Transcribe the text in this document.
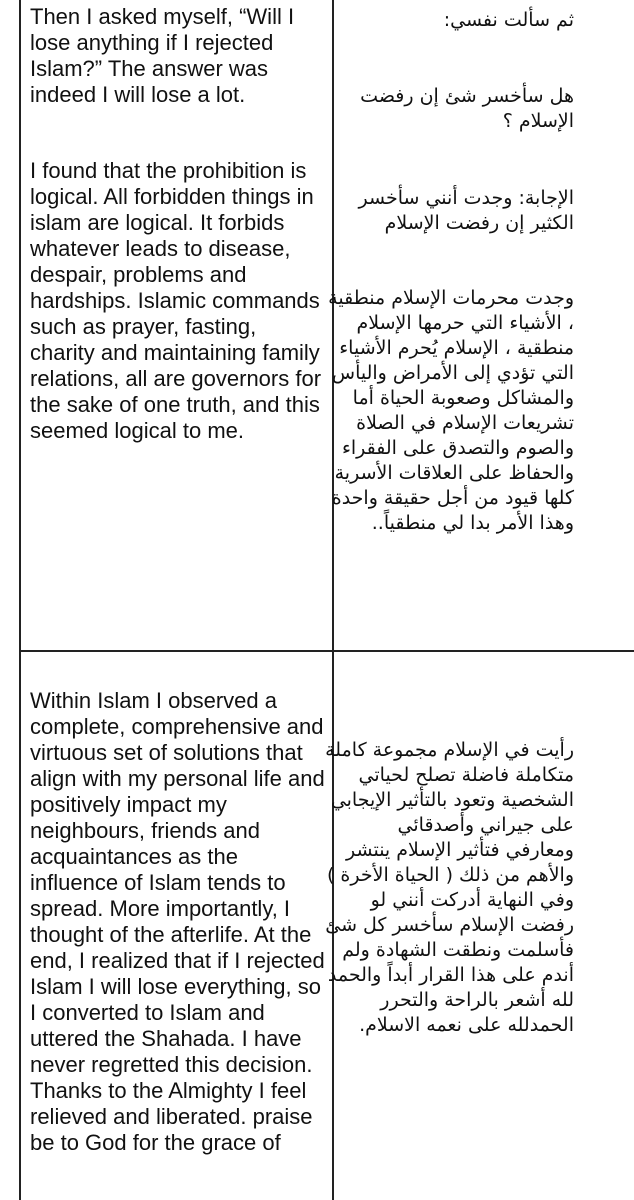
Then I asked myself, “Will I lose anything if I rejected Islam?” The answer was indeed I will lose a lot.

I found that the prohibition is logical. All forbidden things in islam are logical. It forbids whatever leads to disease, despair, problems and hardships. Islamic commands such as prayer, fasting, charity and maintaining family relations, all are governors for the sake of one truth, and this seemed logical to me.

ثم سألت نفسي:

هل سأخسر شئ إن رفضت الإسلام ؟

الإجابة: وجدت أنني سأخسر الكثير إن رفضت الإسلام

وجدت محرمات الإسلام منطقية ، الأشياء التي حرمها الإسلام منطقية ، الإسلام يُحرم الأشياء التي تؤدي إلى الأمراض واليأس والمشاكل وصعوبة الحياة أما تشريعات الإسلام في الصلاة والصوم والتصدق على الفقراء والحفاظ على العلاقات الأسرية كلها قيود من أجل حقيقة واحدة وهذا الأمر بدا لي منطقياً..

Within Islam I observed a complete, comprehensive and virtuous set of solutions that align with my personal life and positively impact my neighbours, friends and acquaintances as the influence of Islam tends to spread. More importantly, I thought of the afterlife. At the end, I realized that if I rejected Islam I will lose everything, so I converted to Islam and uttered the Shahada. I have never regretted this decision. Thanks to the Almighty I feel relieved and liberated. praise be to God for the grace of

رأيت في الإسلام مجموعة كاملة متكاملة فاضلة تصلح لحياتي الشخصية وتعود بالتأثير الإيجابي على جيراني وأصدقائي ومعارفي فتأثير الإسلام ينتشر والأهم من ذلك ( الحياة الأخرة ) وفي النهاية أدركت أنني لو رفضت الإسلام سأخسر كل شئ فأسلمت ونطقت الشهادة ولم أندم على هذا القرار أبداً والحمد لله أشعر بالراحة والتحرر الحمدلله على نعمه الاسلام.
